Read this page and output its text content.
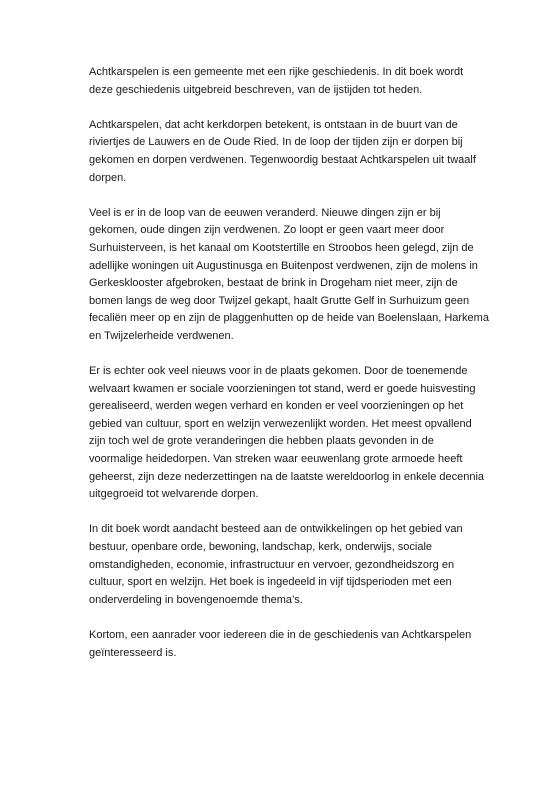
Achtkarspelen is een gemeente met een rijke geschiedenis. In dit boek wordt deze geschiedenis uitgebreid beschreven, van de ijstijden tot heden.

Achtkarspelen, dat acht kerkdorpen betekent, is ontstaan in de buurt van de riviertjes de Lauwers en de Oude Ried. In de loop der tijden zijn er dorpen bij gekomen en dorpen verdwenen. Tegenwoordig bestaat Achtkarspelen uit twaalf dorpen.

Veel is er in de loop van de eeuwen veranderd. Nieuwe dingen zijn er bij gekomen, oude dingen zijn verdwenen. Zo loopt er geen vaart meer door Surhuisterveen, is het kanaal om Kootstertille en Stroobos heen gelegd, zijn de adellijke woningen uit Augustinusga en Buitenpost verdwenen, zijn de molens in Gerkesklooster afgebroken, bestaat de brink in Drogeham niet meer, zijn de bomen langs de weg door Twijzel gekapt, haalt Grutte Gelf in Surhuizum geen fecaliën meer op en zijn de plaggenhutten op de heide van Boelenslaan, Harkema en Twijzelerheide verdwenen.

Er is echter ook veel nieuws voor in de plaats gekomen. Door de toenemende welvaart kwamen er sociale voorzieningen tot stand, werd er goede huisvesting gerealiseerd, werden wegen verhard en konden er veel voorzieningen op het gebied van cultuur, sport en welzijn verwezenlijkt worden. Het meest opvallend zijn toch wel de grote veranderingen die hebben plaats gevonden in de voormalige heidedorpen. Van streken waar eeuwenlang grote armoede heeft geheerst, zijn deze nederzettingen na de laatste wereldoorlog in enkele decennia uitgegroeid tot welvarende dorpen.

In dit boek wordt aandacht besteed aan de ontwikkelingen op het gebied van bestuur, openbare orde, bewoning, landschap, kerk, onderwijs, sociale omstandigheden, economie, infrastructuur en vervoer, gezondheidszorg en cultuur, sport en welzijn. Het boek is ingedeeld in vijf tijdsperioden met een onderverdeling in bovengenoemde thema’s.

Kortom, een aanrader voor iedereen die in de geschiedenis van Achtkarspelen geïnteresseerd is.
